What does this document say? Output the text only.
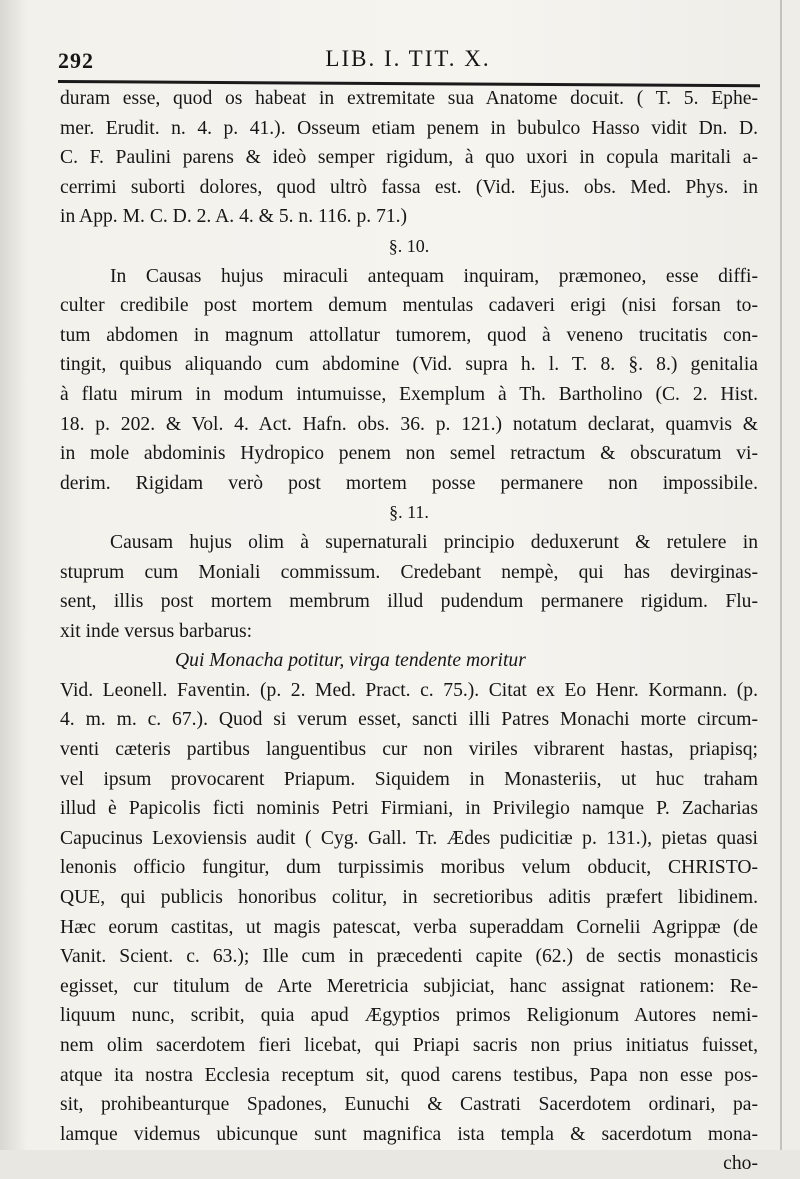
292	LIB. I. TIT. X.
duram esse, quod os habeat in extremitate sua Anatome docuit. ( T. 5. Ephe-
mer. Erudit. n. 4. p. 41.). Osseum etiam penem in bubulco Hasso vidit Dn. D.
C. F. Paulini parens & ideò semper rigidum, à quo uxori in copula maritali a-
cerrimi suborti dolores, quod ultrò fassa est. (Vid. Ejus. obs. Med. Phys. in
in App. M. C. D. 2. A. 4. & 5. n. 116. p. 71.)
§. 10.
In Causas hujus miraculi antequam inquiram, præmoneo, esse diffi-
culter credibile post mortem demum mentulas cadaveri erigi (nisi forsan to-
tum abdomen in magnum attollatur tumorem, quod à veneno trucitatis con-
tingit, quibus aliquando cum abdomine (Vid. supra h. l. T. 8. §. 8.) genitalia
à flatu mirum in modum intumuisse, Exemplum à Th. Bartholino (C. 2. Hist.
18. p. 202. & Vol. 4. Act. Hafn. obs. 36. p. 121.) notatum declarat, quamvis &
in mole abdominis Hydropico penem non semel retractum & obscuratum vi-
derim. Rigidam verò post mortem posse permanere non impossibile.
§. 11.
Causam hujus olim à supernaturali principio deduxerunt & retulere in
stuprum cum Moniali commissum. Credebant nempè, qui has devirginas-
sent, illis post mortem membrum illud pudendum permanere rigidum. Flu-
xit inde versus barbarus:
Qui Monacha potitur, virga tendente moritur
Vid. Leonell. Faventin. (p. 2. Med. Pract. c. 75.). Citat ex Eo Henr. Kormann. (p.
4. m. m. c. 67.). Quod si verum esset, sancti illi Patres Monachi morte circum-
venti cæteris partibus languentibus cur non viriles vibrarent hastas, priapisq;
vel ipsum provocarent Priapum. Siquidem in Monasteriis, ut huc traham
illud è Papicolis ficti nominis Petri Firmiani, in Privilegio namque P. Zacharias
Capucinus Lexoviensis audit ( Cyg. Gall. Tr. Ædes pudicitiæ p. 131.), pietas quasi
lenonis officio fungitur, dum turpissimis moribus velum obducit, CHRISTO-
QUE, qui publicis honoribus colitur, in secretioribus aditis præfert libidinem.
Hæc eorum castitas, ut magis patescat, verba superaddam Cornelii Agrippæ (de
Vanit. Scient. c. 63.); Ille cum in præcedenti capite (62.) de sectis monasticis
egisset, cur titulum de Arte Meretricia subjiciat, hanc assignat rationem: Re-
liquum nunc, scribit, quia apud Ægyptios primos Religionum Autores nemi-
nem olim sacerdotem fieri licebat, qui Priapi sacris non prius initiatus fuisset,
atque ita nostra Ecclesia receptum sit, quod carens testibus, Papa non esse pos-
sit, prohibeanturque Spadones, Eunuchi & Castrati Sacerdotem ordinari, pa-
lamque videmus ubicunque sunt magnifica ista templa & sacerdotum mona-
cho-
